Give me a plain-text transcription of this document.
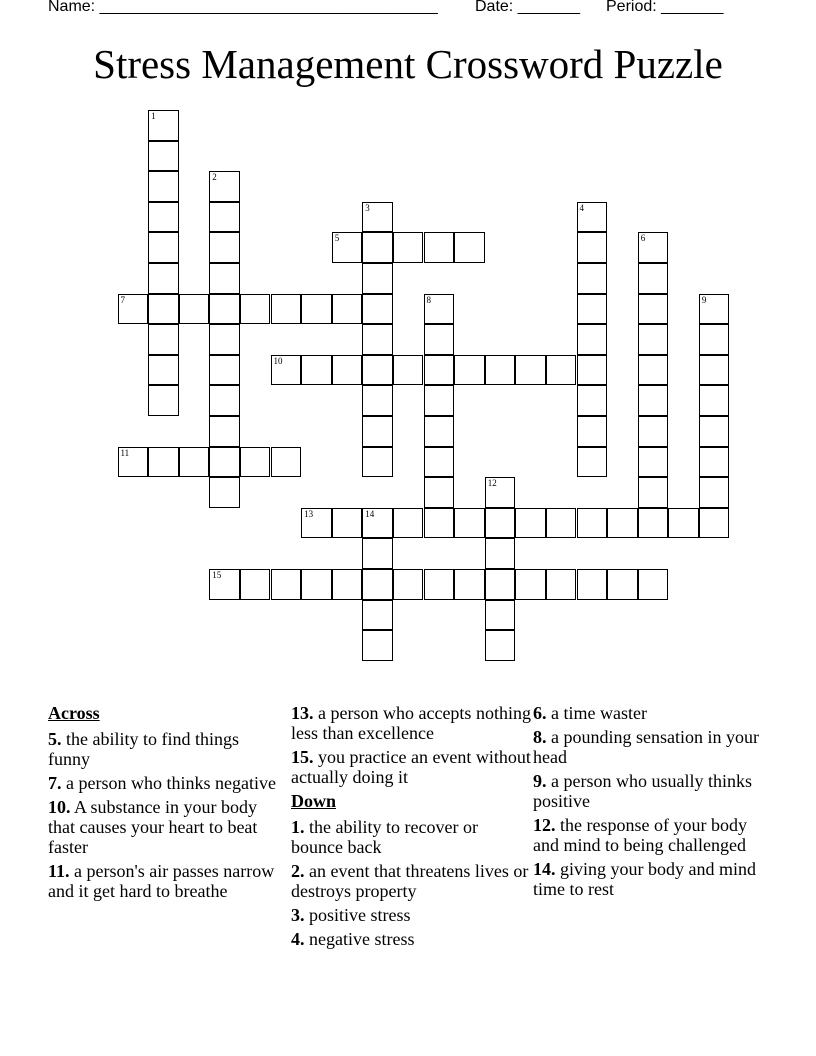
Name: ______________________________________ Date: _______ Period: _______
Stress Management Crossword Puzzle
1
2
3	4
5	6
7	8	9
10
11
12
13	14
15
Across
5. the ability to find things funny
7. a person who thinks negative
10. A substance in your body that causes your heart to beat faster
11. a person's air passes narrow and it get hard to breathe
13. a person who accepts nothing less than excellence
15. you practice an event without actually doing it
Down
1. the ability to recover or bounce back
2. an event that threatens lives or destroys property
3. positive stress
4. negative stress
6. a time waster
8. a pounding sensation in your head
9. a person who usually thinks positive
12. the response of your body and mind to being challenged
14. giving your body and mind time to rest
